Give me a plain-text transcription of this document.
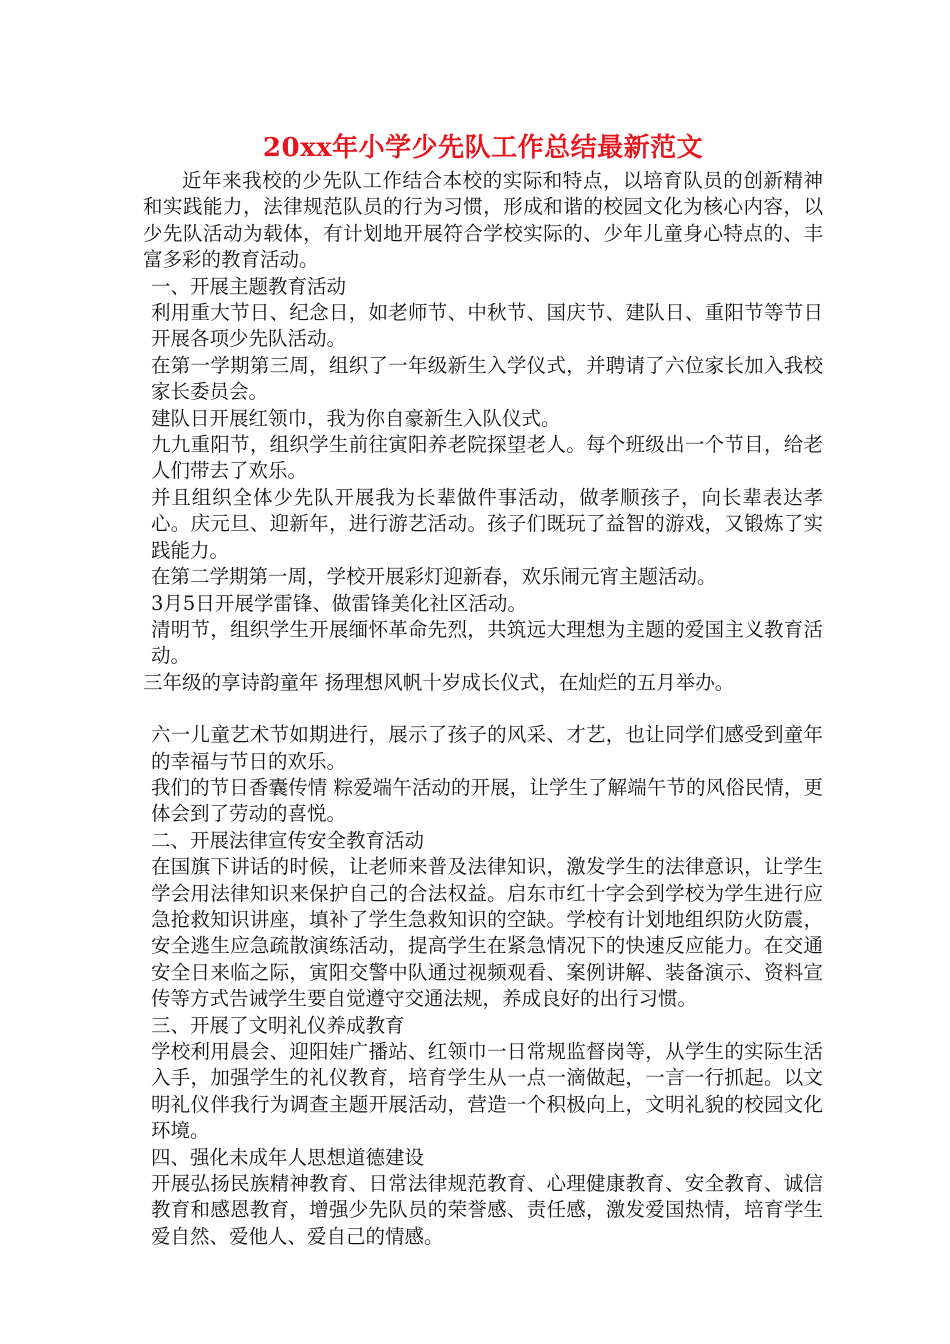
20xx年小学少先队工作总结最新范文

近年来我校的少先队工作结合本校的实际和特点，以培育队员的创新精神和实践能力，法律规范队员的行为习惯，形成和谐的校园文化为核心内容，以少先队活动为载体，有计划地开展符合学校实际的、少年儿童身心特点的、丰富多彩的教育活动。

一、开展主题教育活动

利用重大节日、纪念日，如老师节、中秋节、国庆节、建队日、重阳节等节日开展各项少先队活动。

在第一学期第三周，组织了一年级新生入学仪式，并聘请了六位家长加入我校家长委员会。

建队日开展红领巾，我为你自豪新生入队仪式。

九九重阳节，组织学生前往寅阳养老院探望老人。每个班级出一个节目，给老人们带去了欢乐。

并且组织全体少先队开展我为长辈做件事活动，做孝顺孩子，向长辈表达孝心。庆元旦、迎新年，进行游艺活动。孩子们既玩了益智的游戏，又锻炼了实践能力。

在第二学期第一周，学校开展彩灯迎新春，欢乐闹元宵主题活动。

3月5日开展学雷锋、做雷锋美化社区活动。

清明节，组织学生开展缅怀革命先烈，共筑远大理想为主题的爱国主义教育活动。

三年级的享诗韵童年 扬理想风帆十岁成长仪式，在灿烂的五月举办。

六一儿童艺术节如期进行，展示了孩子的风采、才艺，也让同学们感受到童年的幸福与节日的欢乐。

我们的节日香囊传情 粽爱端午活动的开展，让学生了解端午节的风俗民情，更体会到了劳动的喜悦。

二、开展法律宣传安全教育活动

在国旗下讲话的时候，让老师来普及法律知识，激发学生的法律意识，让学生学会用法律知识来保护自己的合法权益。启东市红十字会到学校为学生进行应急抢救知识讲座，填补了学生急救知识的空缺。学校有计划地组织防火防震，安全逃生应急疏散演练活动，提高学生在紧急情况下的快速反应能力。在交通安全日来临之际，寅阳交警中队通过视频观看、案例讲解、装备演示、资料宣传等方式告诫学生要自觉遵守交通法规，养成良好的出行习惯。

三、开展了文明礼仪养成教育

学校利用晨会、迎阳娃广播站、红领巾一日常规监督岗等，从学生的实际生活入手，加强学生的礼仪教育，培育学生从一点一滴做起，一言一行抓起。以文明礼仪伴我行为调查主题开展活动，营造一个积极向上，文明礼貌的校园文化环境。

四、强化未成年人思想道德建设

开展弘扬民族精神教育、日常法律规范教育、心理健康教育、安全教育、诚信教育和感恩教育，增强少先队员的荣誉感、责任感，激发爱国热情，培育学生爱自然、爱他人、爱自己的情感。
